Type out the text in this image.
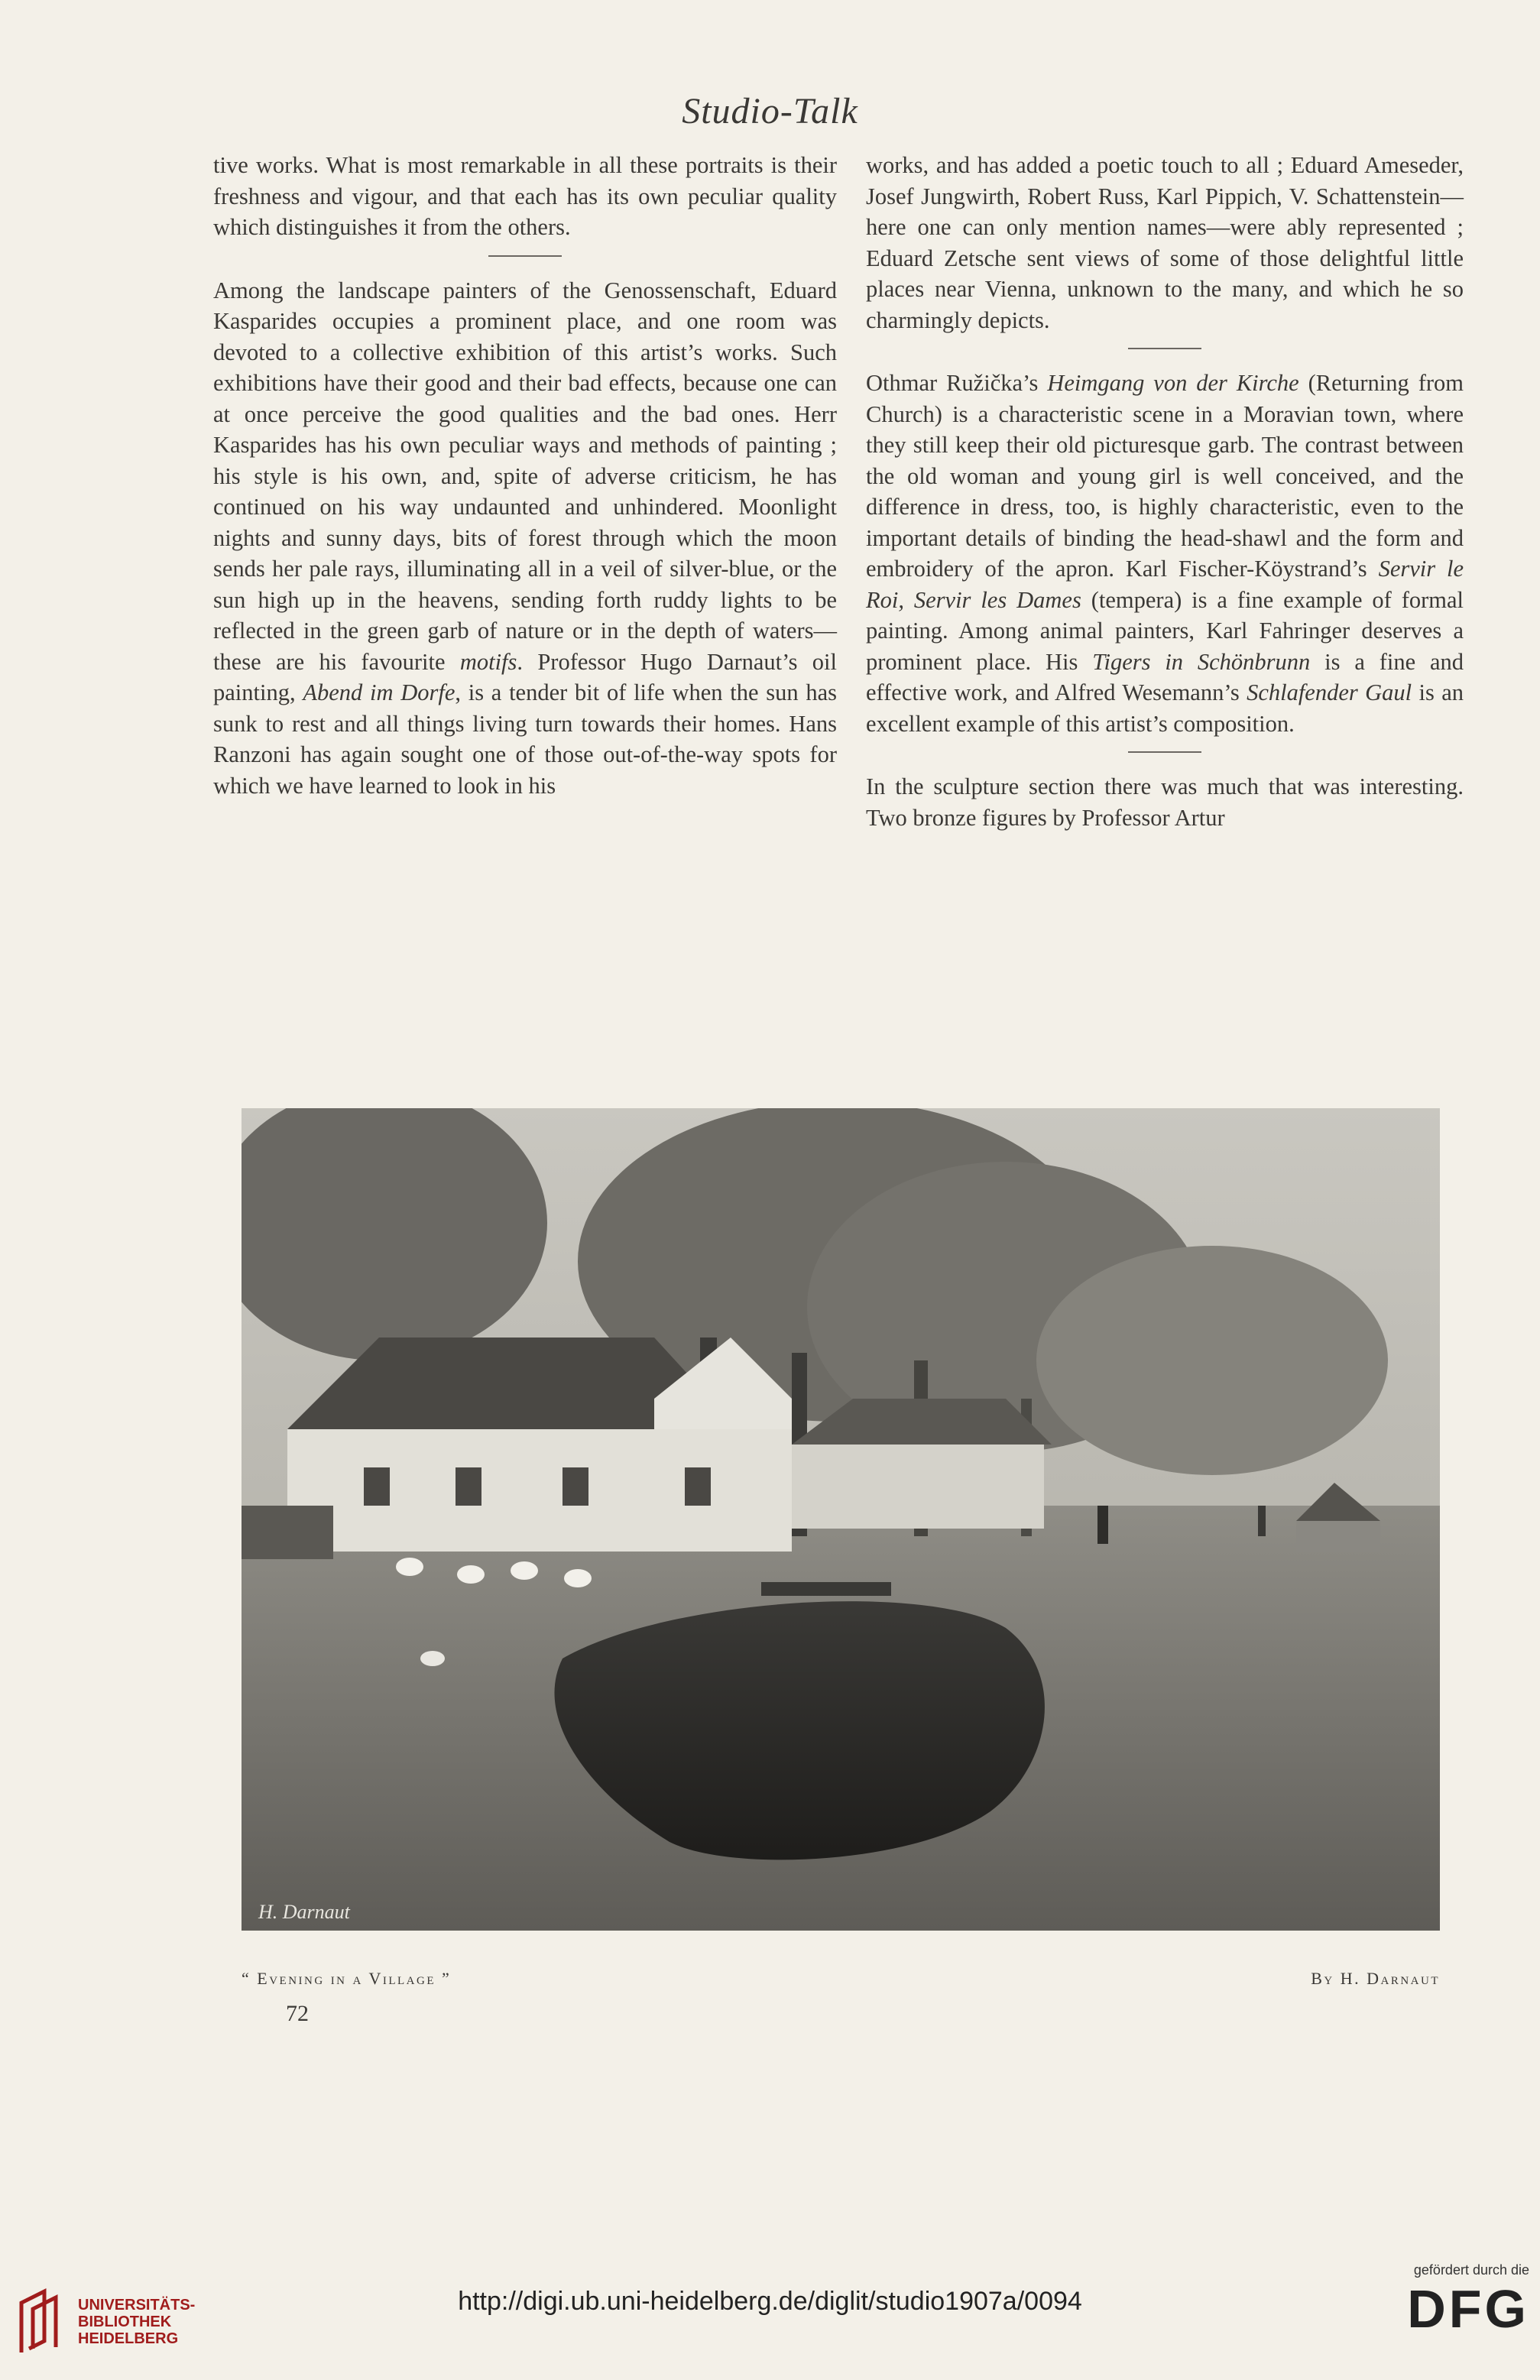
Studio-Talk

tive works. What is most remarkable in all these portraits is their freshness and vigour, and that each has its own peculiar quality which distinguishes it from the others.

Among the landscape painters of the Genossenschaft, Eduard Kasparides occupies a prominent place, and one room was devoted to a collective exhibition of this artist’s works. Such exhibitions have their good and their bad effects, because one can at once perceive the good qualities and the bad ones. Herr Kasparides has his own peculiar ways and methods of painting ; his style is his own, and, spite of adverse criticism, he has continued on his way undaunted and unhindered. Moonlight nights and sunny days, bits of forest through which the moon sends her pale rays, illuminating all in a veil of silver-blue, or the sun high up in the heavens, sending forth ruddy lights to be reflected in the green garb of nature or in the depth of waters—these are his favourite motifs. Professor Hugo Darnaut’s oil painting, Abend im Dorfe, is a tender bit of life when the sun has sunk to rest and all things living turn towards their homes. Hans Ranzoni has again sought one of those out-of-the-way spots for which we have learned to look in his

works, and has added a poetic touch to all ; Eduard Ameseder, Josef Jungwirth, Robert Russ, Karl Pippich, V. Schattenstein—here one can only mention names—were ably represented ; Eduard Zetsche sent views of some of those delightful little places near Vienna, unknown to the many, and which he so charmingly depicts.

Othmar Ružička’s Heimgang von der Kirche (Returning from Church) is a characteristic scene in a Moravian town, where they still keep their old picturesque garb. The contrast between the old woman and young girl is well conceived, and the difference in dress, too, is highly characteristic, even to the important details of binding the head-shawl and the form and embroidery of the apron. Karl Fischer-Köystrand’s Servir le Roi, Servir les Dames (tempera) is a fine example of formal painting. Among animal painters, Karl Fahringer deserves a prominent place. His Tigers in Schönbrunn is a fine and effective work, and Alfred Wesemann’s Schlafender Gaul is an excellent example of this artist’s composition.

In the sculpture section there was much that was interesting. Two bronze figures by Professor Artur

H. Darnaut
“ Evening in a Village ”	By H. Darnaut
72
UNIVERSITÄTS-
BIBLIOTHEK
HEIDELBERG
http://digi.ub.uni-heidelberg.de/diglit/studio1907a/0094
gefördert durch die
DFG
